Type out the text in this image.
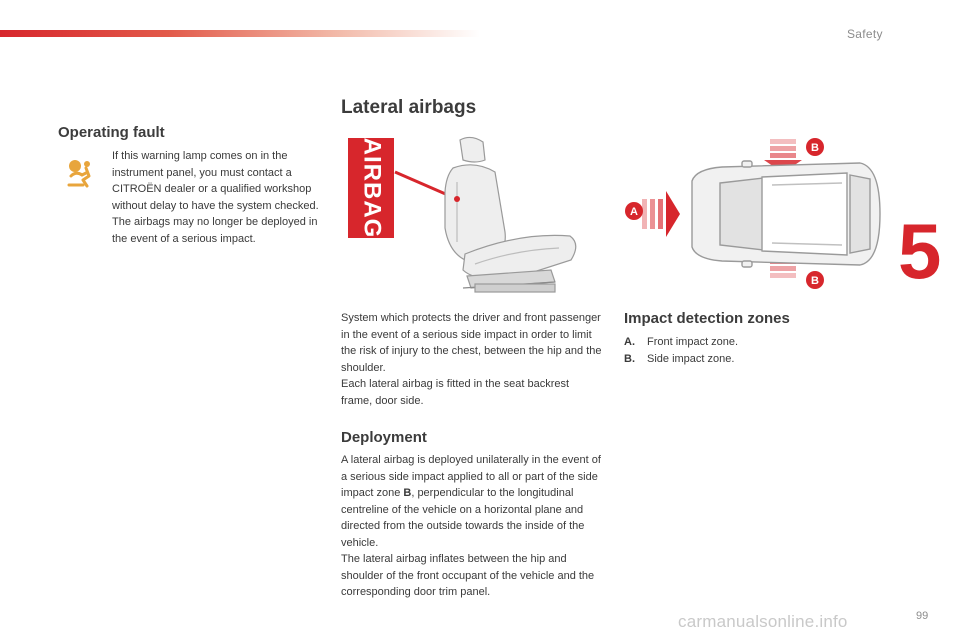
Safety
5
Operating fault

If this warning lamp comes on in the instrument panel, you must contact a CITROËN dealer or a qualified workshop without delay to have the system checked. The airbags may no longer be deployed in the event of a serious impact.

Lateral airbags
AIRBAG	A
B
B

System which protects the driver and front passenger in the event of a serious side impact in order to limit the risk of injury to the chest, between the hip and the shoulder.
Each lateral airbag is fitted in the seat backrest frame, door side.

Deployment

A lateral airbag is deployed unilaterally in the event of a serious side impact applied to all or part of the side impact zone B, perpendicular to the longitudinal centreline of the vehicle on a horizontal plane and directed from the outside towards the inside of the vehicle.
The lateral airbag inflates between the hip and shoulder of the front occupant of the vehicle and the corresponding door trim panel.

Impact detection zones
A.	Front impact zone.
B.	Side impact zone.
carmanualsonline.info	99
